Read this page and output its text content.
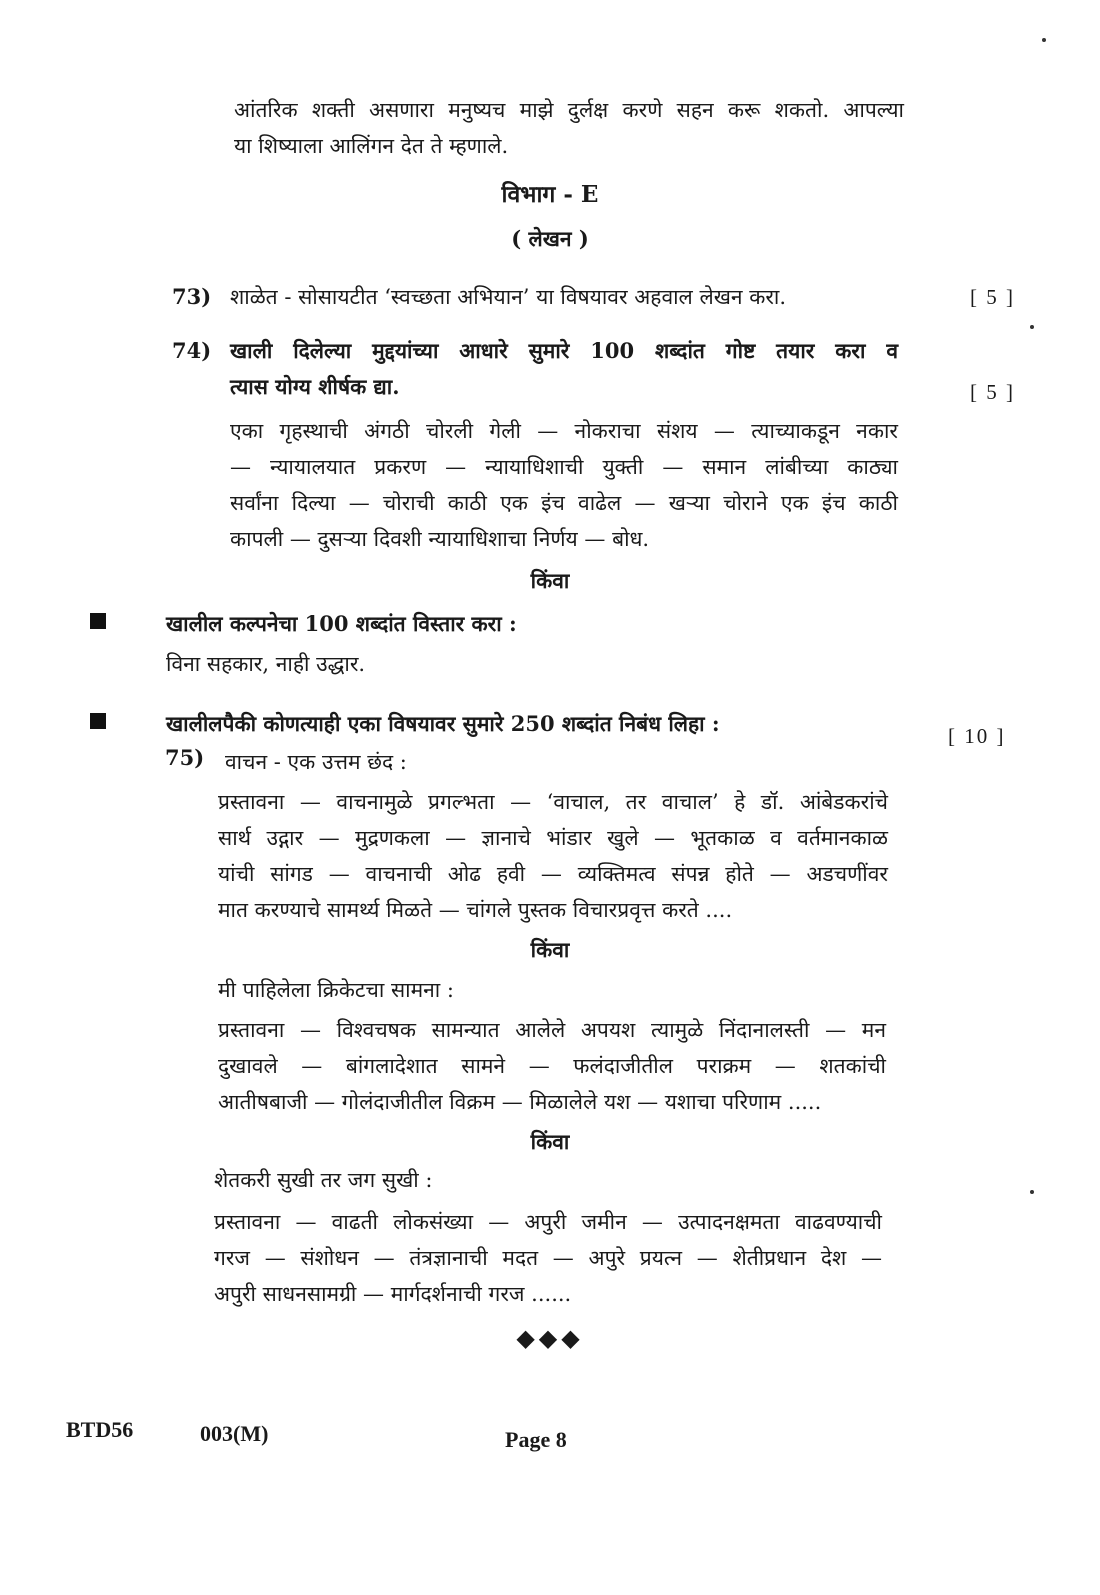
आंतरिक शक्ती असणारा मनुष्यच माझे दुर्लक्ष करणे सहन करू शकतो. आपल्या

या शिष्याला आलिंगन देत ते म्हणाले.

विभाग - E
( लेखन )
73) शाळेत - सोसायटीत ‘स्वच्छता अभियान’ या विषयावर अहवाल लेखन करा.	[ 5 ]
74) खाली दिलेल्या मुद्दयांच्या आधारे सुमारे 100 शब्दांत गोष्ट तयार करा व
त्यास योग्य शीर्षक द्या.	[ 5 ]
एका गृहस्थाची अंगठी चोरली गेली — नोकराचा संशय — त्याच्याकडून नकार
— न्यायालयात प्रकरण — न्यायाधिशाची युक्ती — समान लांबीच्या काठ्या
सर्वांना दिल्या — चोराची काठी एक इंच वाढेल — खऱ्या चोराने एक इंच काठी
कापली — दुसऱ्या दिवशी न्यायाधिशाचा निर्णय — बोध.
किंवा
खालील कल्पनेचा 100 शब्दांत विस्तार करा :
विना सहकार, नाही उद्धार.
खालीलपैकी कोणत्याही एका विषयावर सुमारे 250 शब्दांत निबंध लिहा :	[ 10 ]
75) वाचन - एक उत्तम छंद :
प्रस्तावना — वाचनामुळे प्रगल्भता — ‘वाचाल, तर वाचाल’ हे डॉ. आंबेडकरांचे
सार्थ उद्गार — मुद्रणकला — ज्ञानाचे भांडार खुले — भूतकाळ व वर्तमानकाळ
यांची सांगड — वाचनाची ओढ हवी — व्यक्तिमत्व संपन्न होते — अडचणींवर
मात करण्याचे सामर्थ्य मिळते — चांगले पुस्तक विचारप्रवृत्त करते ....
किंवा
मी पाहिलेला क्रिकेटचा सामना :
प्रस्तावना — विश्वचषक सामन्यात आलेले अपयश त्यामुळे निंदानालस्ती — मन
दुखावले — बांगलादेशात सामने — फलंदाजीतील पराक्रम — शतकांची
आतीषबाजी — गोलंदाजीतील विक्रम — मिळालेले यश — यशाचा परिणाम .....
किंवा
शेतकरी सुखी तर जग सुखी :
प्रस्तावना — वाढती लोकसंख्या — अपुरी जमीन — उत्पादनक्षमता वाढवण्याची
गरज — संशोधन — तंत्रज्ञानाची मदत — अपुरे प्रयत्न — शेतीप्रधान देश —
अपुरी साधनसामग्री — मार्गदर्शनाची गरज ......
◆◆◆
BTD56	003(M)	Page 8
